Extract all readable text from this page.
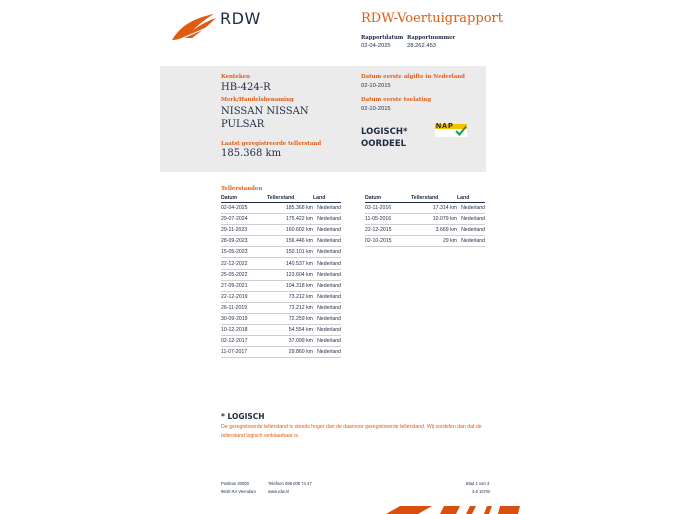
RDW	RDW-Voertuigrapport
Rapportdatum
02-04-2025
Rapportnummer
28.262.453
Kenteken
HB-424-R
Merk/Handelsbenaming
NISSAN NISSAN
PULSAR
Laatst geregistreerde tellerstand
185.368 km
Datum eerste afgifte in Nederland
02-10-2015
Datum eerste toelating
02-10-2015
LOGISCH*
OORDEEL
NAP
Tellerstanden
Datum	Tellerstand	Land
02-04-2025	185.368 km	Nederland
29-07-2024	175.422 km	Nederland
29-11-2023	160.602 km	Nederland
28-09-2023	156.446 km	Nederland
15-05-2023	150.101 km	Nederland
22-12-2022	140.537 km	Nederland
25-05-2022	123.604 km	Nederland
27-09-2021	104.318 km	Nederland
22-12-2019	73.212 km	Nederland
26-11-2019	73.212 km	Nederland
30-09-2019	72.259 km	Nederland
10-12-2018	54.554 km	Nederland
02-12-2017	37.099 km	Nederland
11-07-2017	29.860 km	Nederland
Datum	Tellerstand	Land
03-11-2016	17.314 km	Nederland
11-05-2016	10.079 km	Nederland
22-12-2015	3.669 km	Nederland
02-10-2015	29 km	Nederland
* LOGISCH
De geregistreerde tellerstand is steeds hoger dan de daarvoor geregistreerde tellerstand. Wij oordelen dan dat de tellerstand logisch verklaarbaar is.
Postbus 30000
9640 RA Veendam
Telefoon 088 008 74 47
www.rdw.nl
Blad 1 van 3
3.6 167W
